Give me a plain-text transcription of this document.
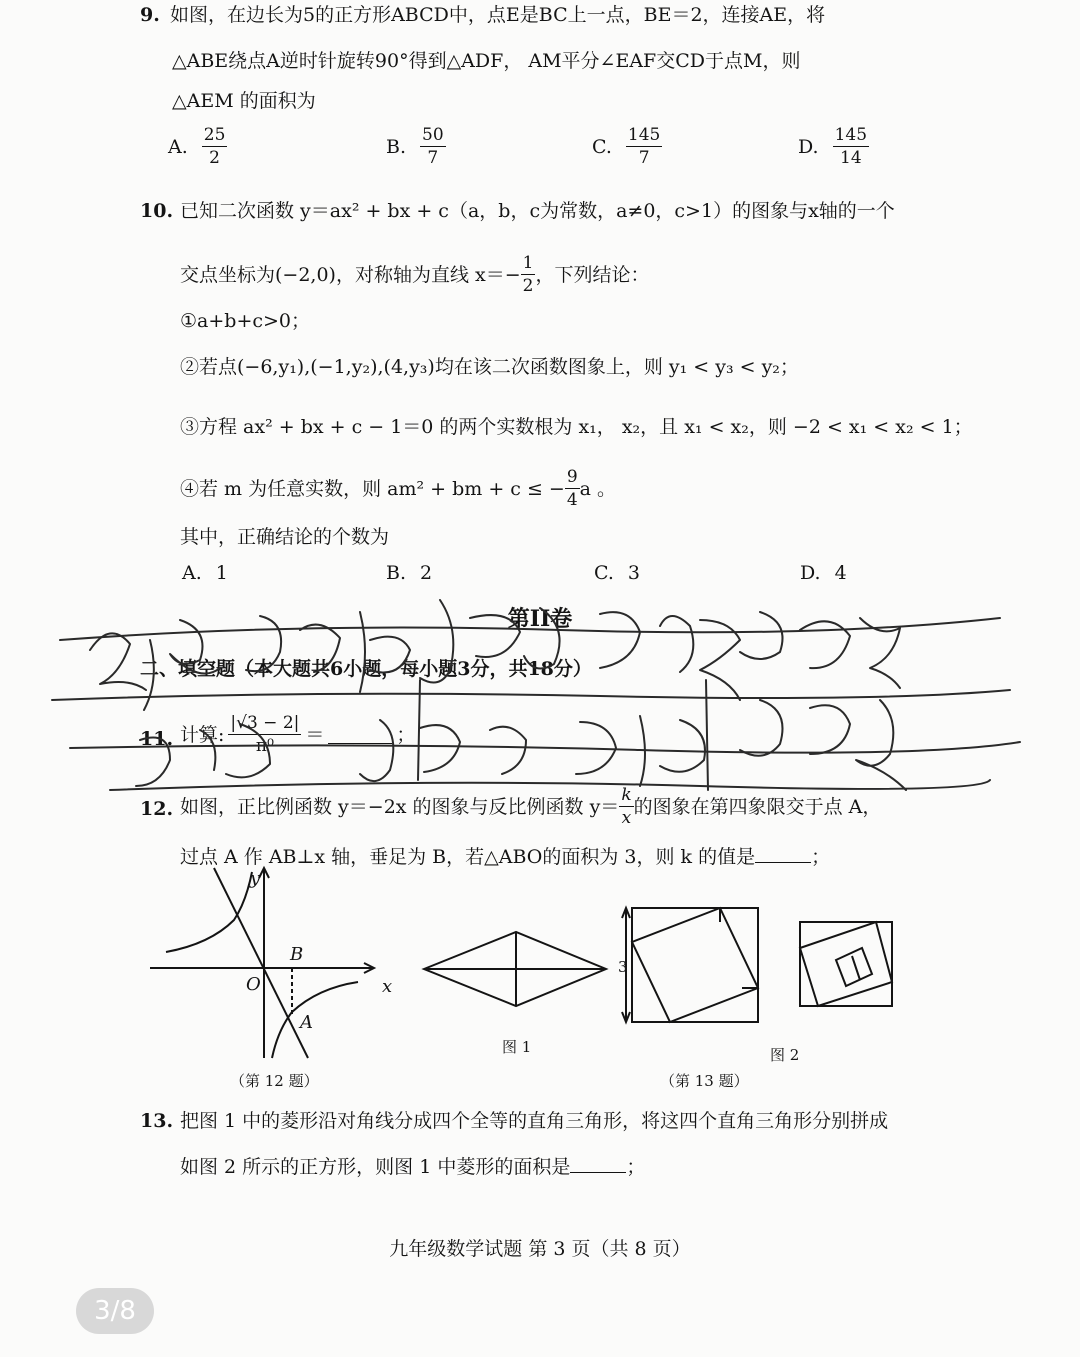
9. 如图，在边长为5的正方形ABCD中，点E是BC上一点，BE＝2，连接AE，将
△ABE绕点A逆时针旋转90°得到△ADF， AM平分∠EAF交CD于点M，则
△AEM 的面积为
A. $\frac{25}{2}$	B. $\frac{50}{7}$	C. $\frac{145}{7}$	D. $\frac{145}{14}$
10. 已知二次函数 y＝ax² + bx + c（a，b，c为常数，a≠0，c>1）的图象与x轴的一个
交点坐标为(−2,0)，对称轴为直线 $x=- \frac{1}{2}$ ，下列结论：
①a+b+c>0；
②若点(−6,y₁),(−1,y₂),(4,y₃)均在该二次函数图象上，则 y₁ < y₃ < y₂；
③方程 ax² + bx + c − 1＝0 的两个实数根为 x₁， x₂，且 x₁ < x₂，则 −2 < x₁ < x₂ < 1；
④若 m 为任意实数，则 am² + bm + c ≤ − $\frac{9}{4}$ a 。
其中，正确结论的个数为
A. 1	B. 2	C. 3	D. 4
第II卷
二、填空题（本大题共6小题，每小题3分，共18分）
11. 计算: $\frac{|√3 - 2|}{\text{π⁰}}$ ＝	；
12. 如图，正比例函数 y＝−2x 的图象与反比例函数 $y= \frac{k}{x}$ 的图象在第四象限交于点 A，
过点 A 作 AB⊥x 轴，垂足为 B，若△ABO的面积为 3，则 k 的值是	；
y
x
O
B
A
3
（第 12 题）
图 1	图 2
（第 13 题）
13. 把图 1 中的菱形沿对角线分成四个全等的直角三角形，将这四个直角三角形分别拼成
如图 2 所示的正方形，则图 1 中菱形的面积是	；
九年级数学试题 第 3 页（共 8 页）
3/8
